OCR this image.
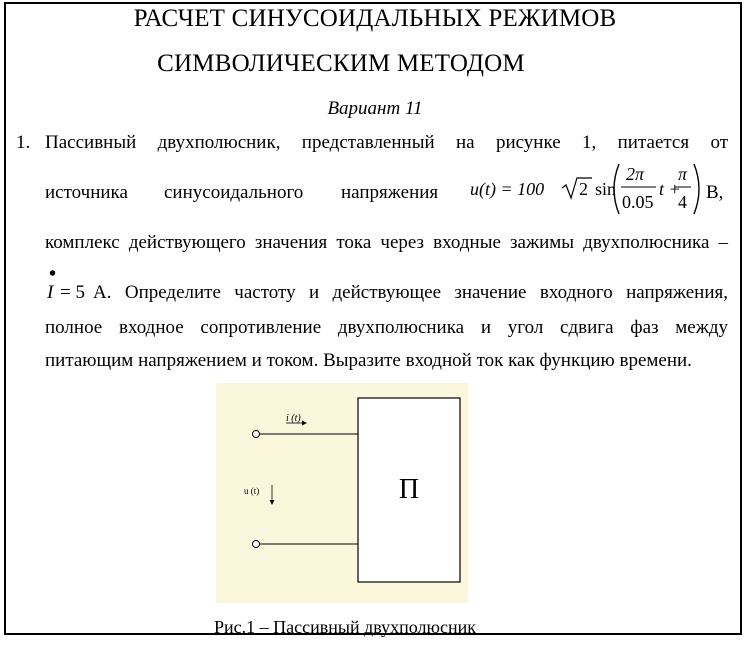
РАСЧЕТ СИНУСОИДАЛЬНЫХ РЕЖИМОВ
СИМВОЛИЧЕСКИМ МЕТОДОМ
Вариант 11
1. Пассивный двухполюсник, представленный на рисунке 1, питается от
источника синусоидального напряжения	В,
u(t) = 100 2 sin
2π
0.05
t +
π
4
комплекс действующего значения тока через входные зажимы двухполюсника –
•
I = 5 А. Определите частоту и действующее значение входного напряжения,
полное входное сопротивление двухполюсника и угол сдвига фаз между
питающим напряжением и током. Выразите входной ток как функцию времени.
i (t)
u (t)	П
Рис.1 – Пассивный двухполюсник
